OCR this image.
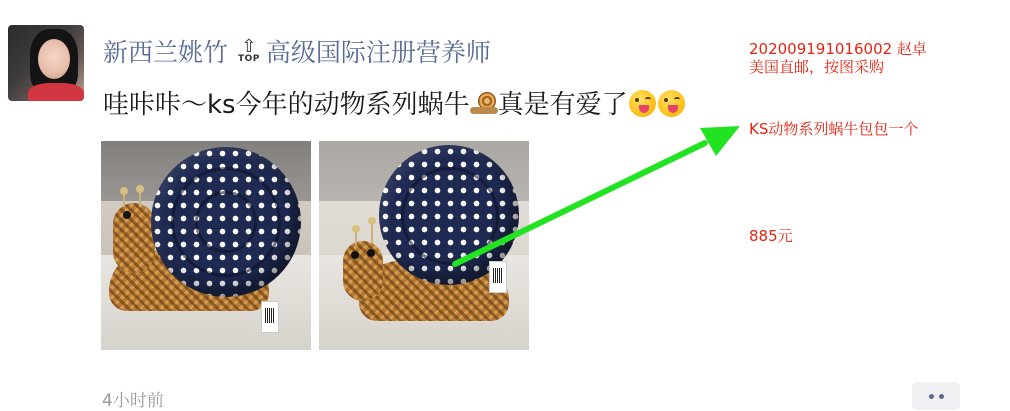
新西兰姚竹 ⇧
TOP 高级国际注册营养师
哇咔咔～ks今年的动物系列蜗牛 真是有爱了
202009191016002 赵卓
美国直邮，按图采购
KS动物系列蜗牛包包一个
885元
4小时前
